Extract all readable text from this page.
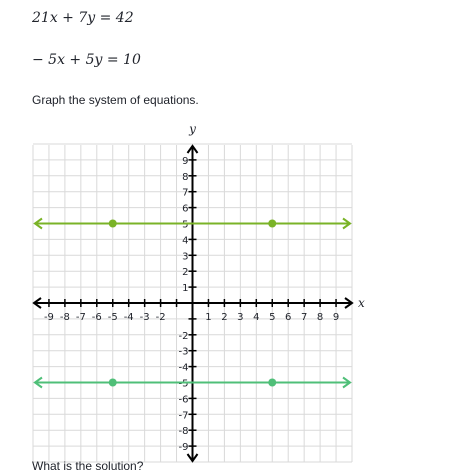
21x + 7y = 42
− 5x + 5y = 10
Graph the system of equations.
-9 -8 -7 -6 -5 -4 -3 -2	1 2 3 4 5 6 7 8 9
9
8
7
6
5
4
3
2
1
-2
-3
-4
-5
-6
-7
-8
-9
x
y
What is the solution?
